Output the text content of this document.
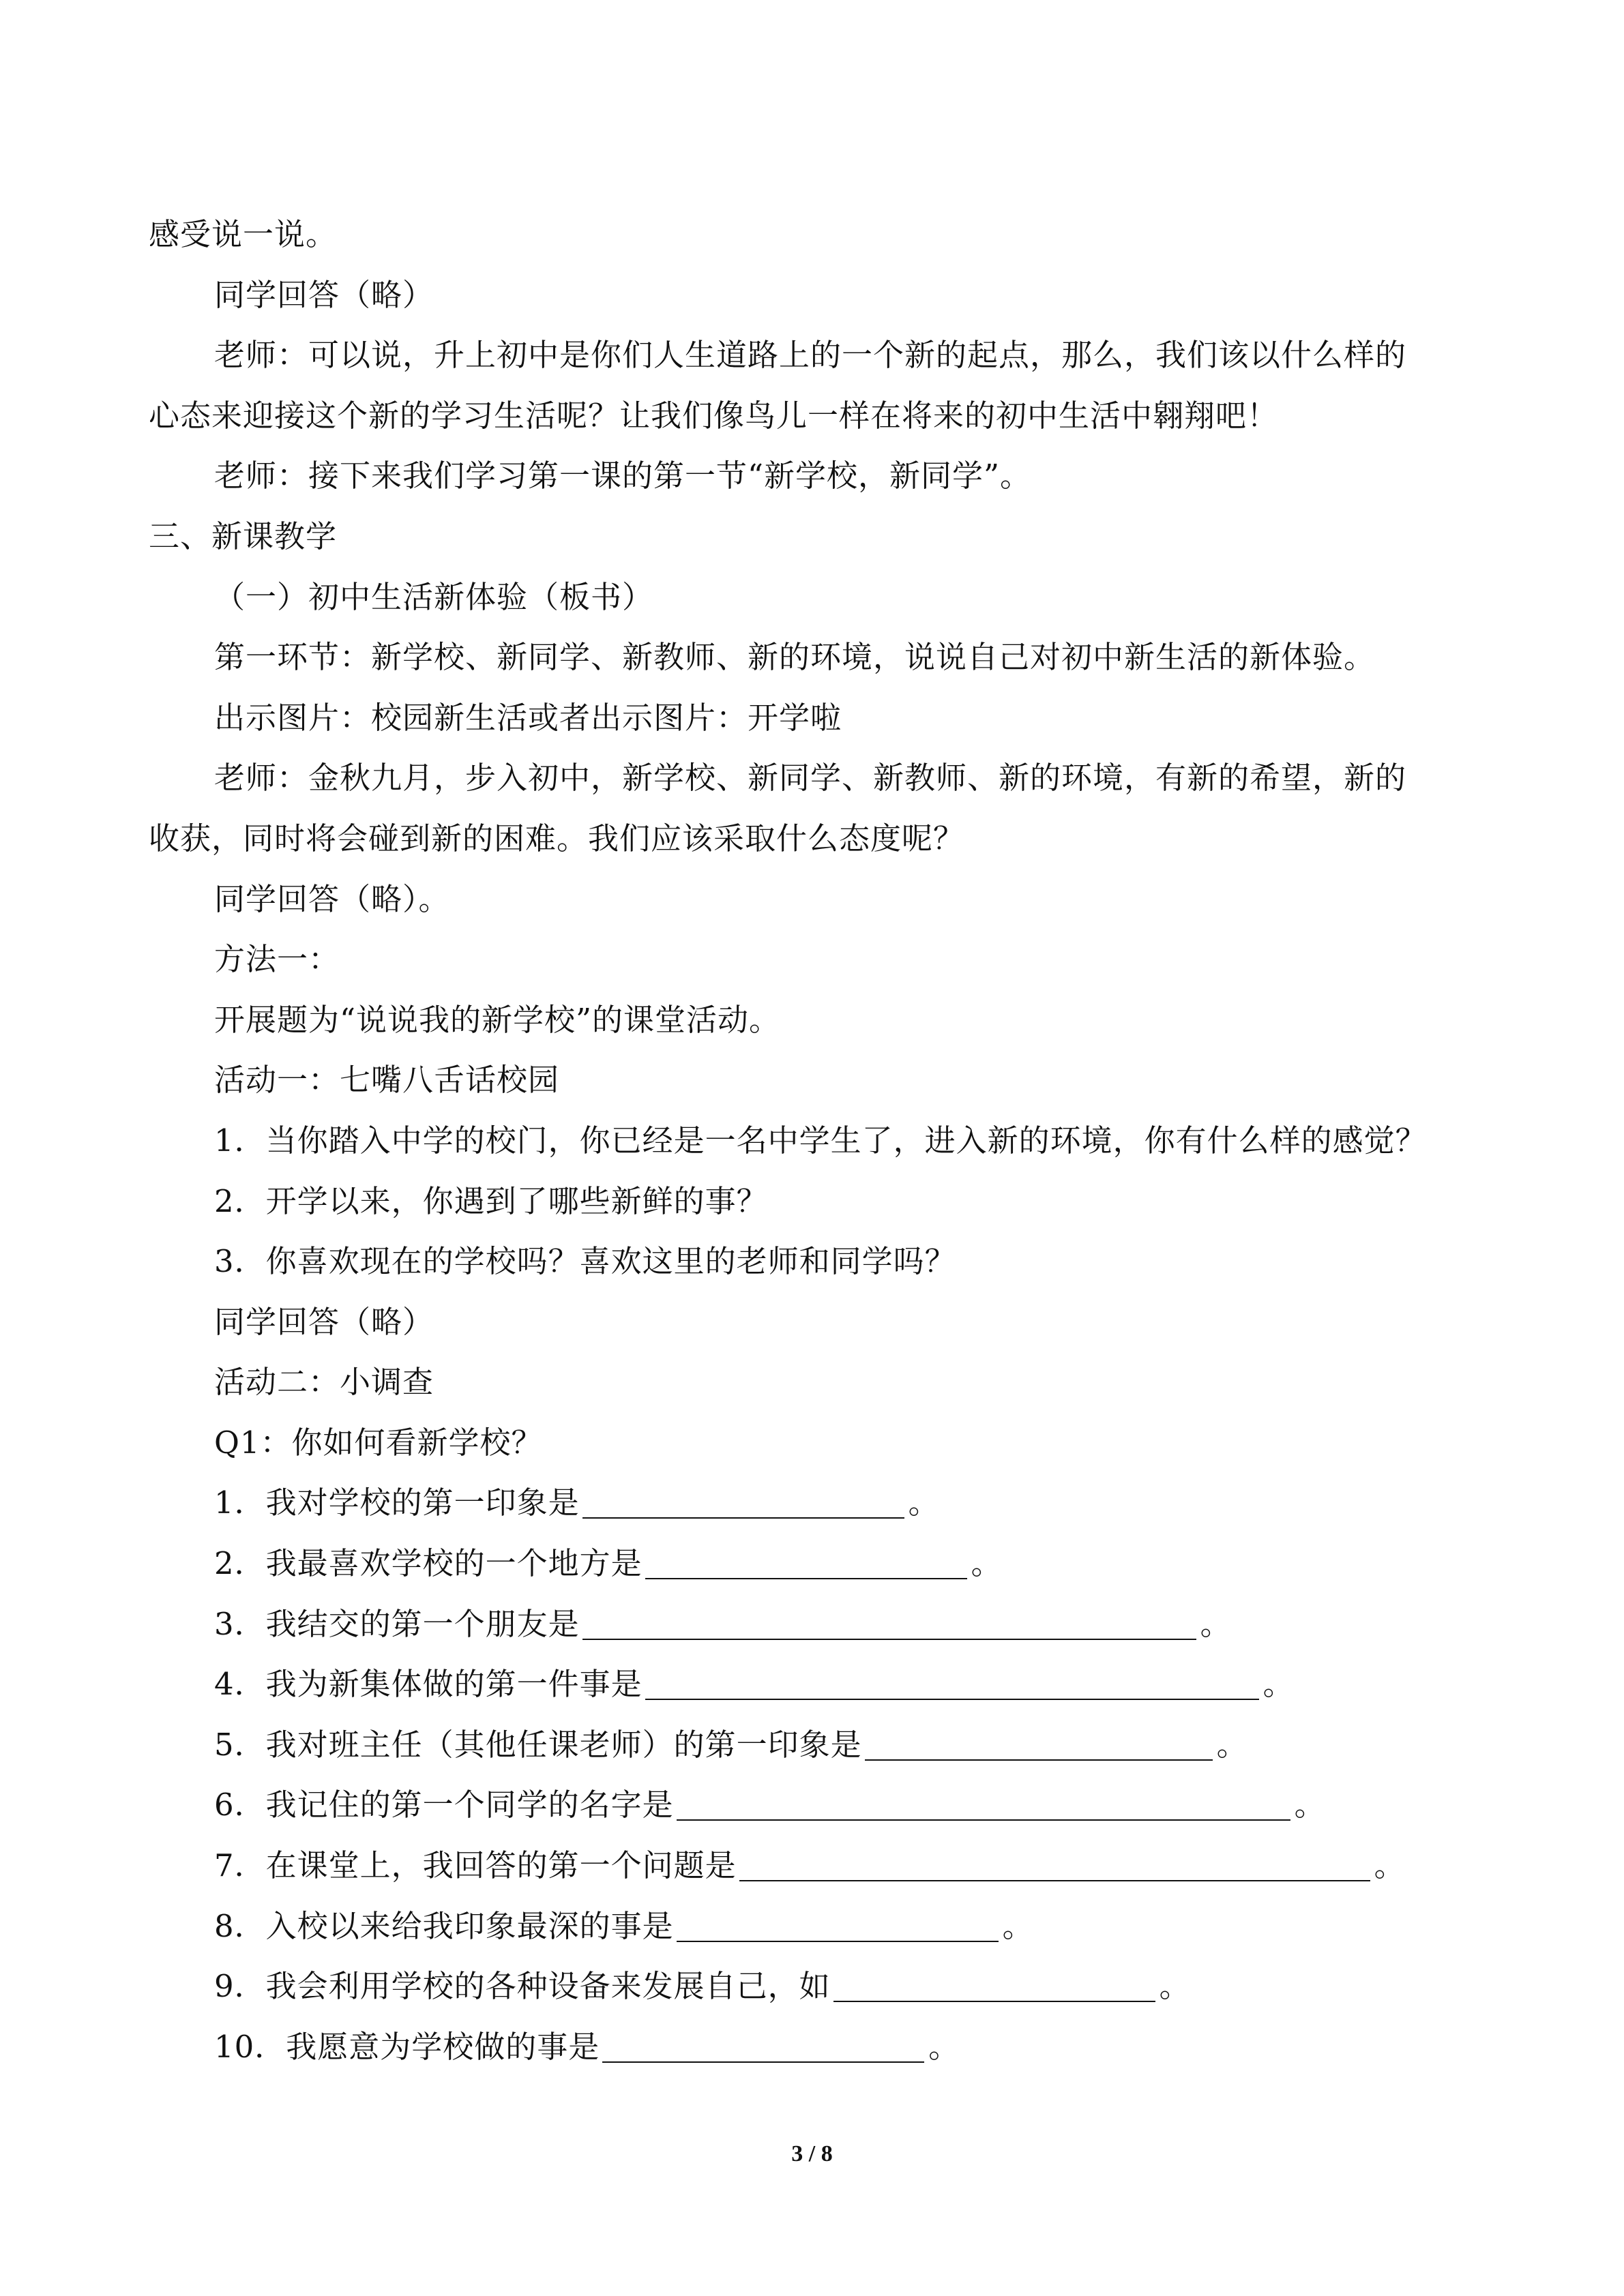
感受说一说。
同学回答（略）
老师：可以说，升上初中是你们人生道路上的一个新的起点，那么，我们该以什么样的
心态来迎接这个新的学习生活呢？让我们像鸟儿一样在将来的初中生活中翱翔吧！
老师：接下来我们学习第一课的第一节“新学校，新同学”。
三、新课教学
（一）初中生活新体验（板书）
第一环节：新学校、新同学、新教师、新的环境，说说自己对初中新生活的新体验。
出示图片：校园新生活或者出示图片：开学啦
老师：金秋九月，步入初中，新学校、新同学、新教师、新的环境，有新的希望，新的
收获，同时将会碰到新的困难。我们应该采取什么态度呢？
同学回答（略）。
方法一：
开展题为“说说我的新学校”的课堂活动。
活动一：七嘴八舌话校园
1．当你踏入中学的校门，你已经是一名中学生了，进入新的环境，你有什么样的感觉？
2．开学以来，你遇到了哪些新鲜的事？
3．你喜欢现在的学校吗？喜欢这里的老师和同学吗？
同学回答（略）
活动二：小调查
Q1：你如何看新学校？
1．我对学校的第一印象是	。
2．我最喜欢学校的一个地方是	。
3．我结交的第一个朋友是	。
4．我为新集体做的第一件事是	。
5．我对班主任（其他任课老师）的第一印象是	。
6．我记住的第一个同学的名字是	。
7．在课堂上，我回答的第一个问题是	。
8．入校以来给我印象最深的事是	。
9．我会利用学校的各种设备来发展自己，如	。
10．我愿意为学校做的事是	。
3 / 8
